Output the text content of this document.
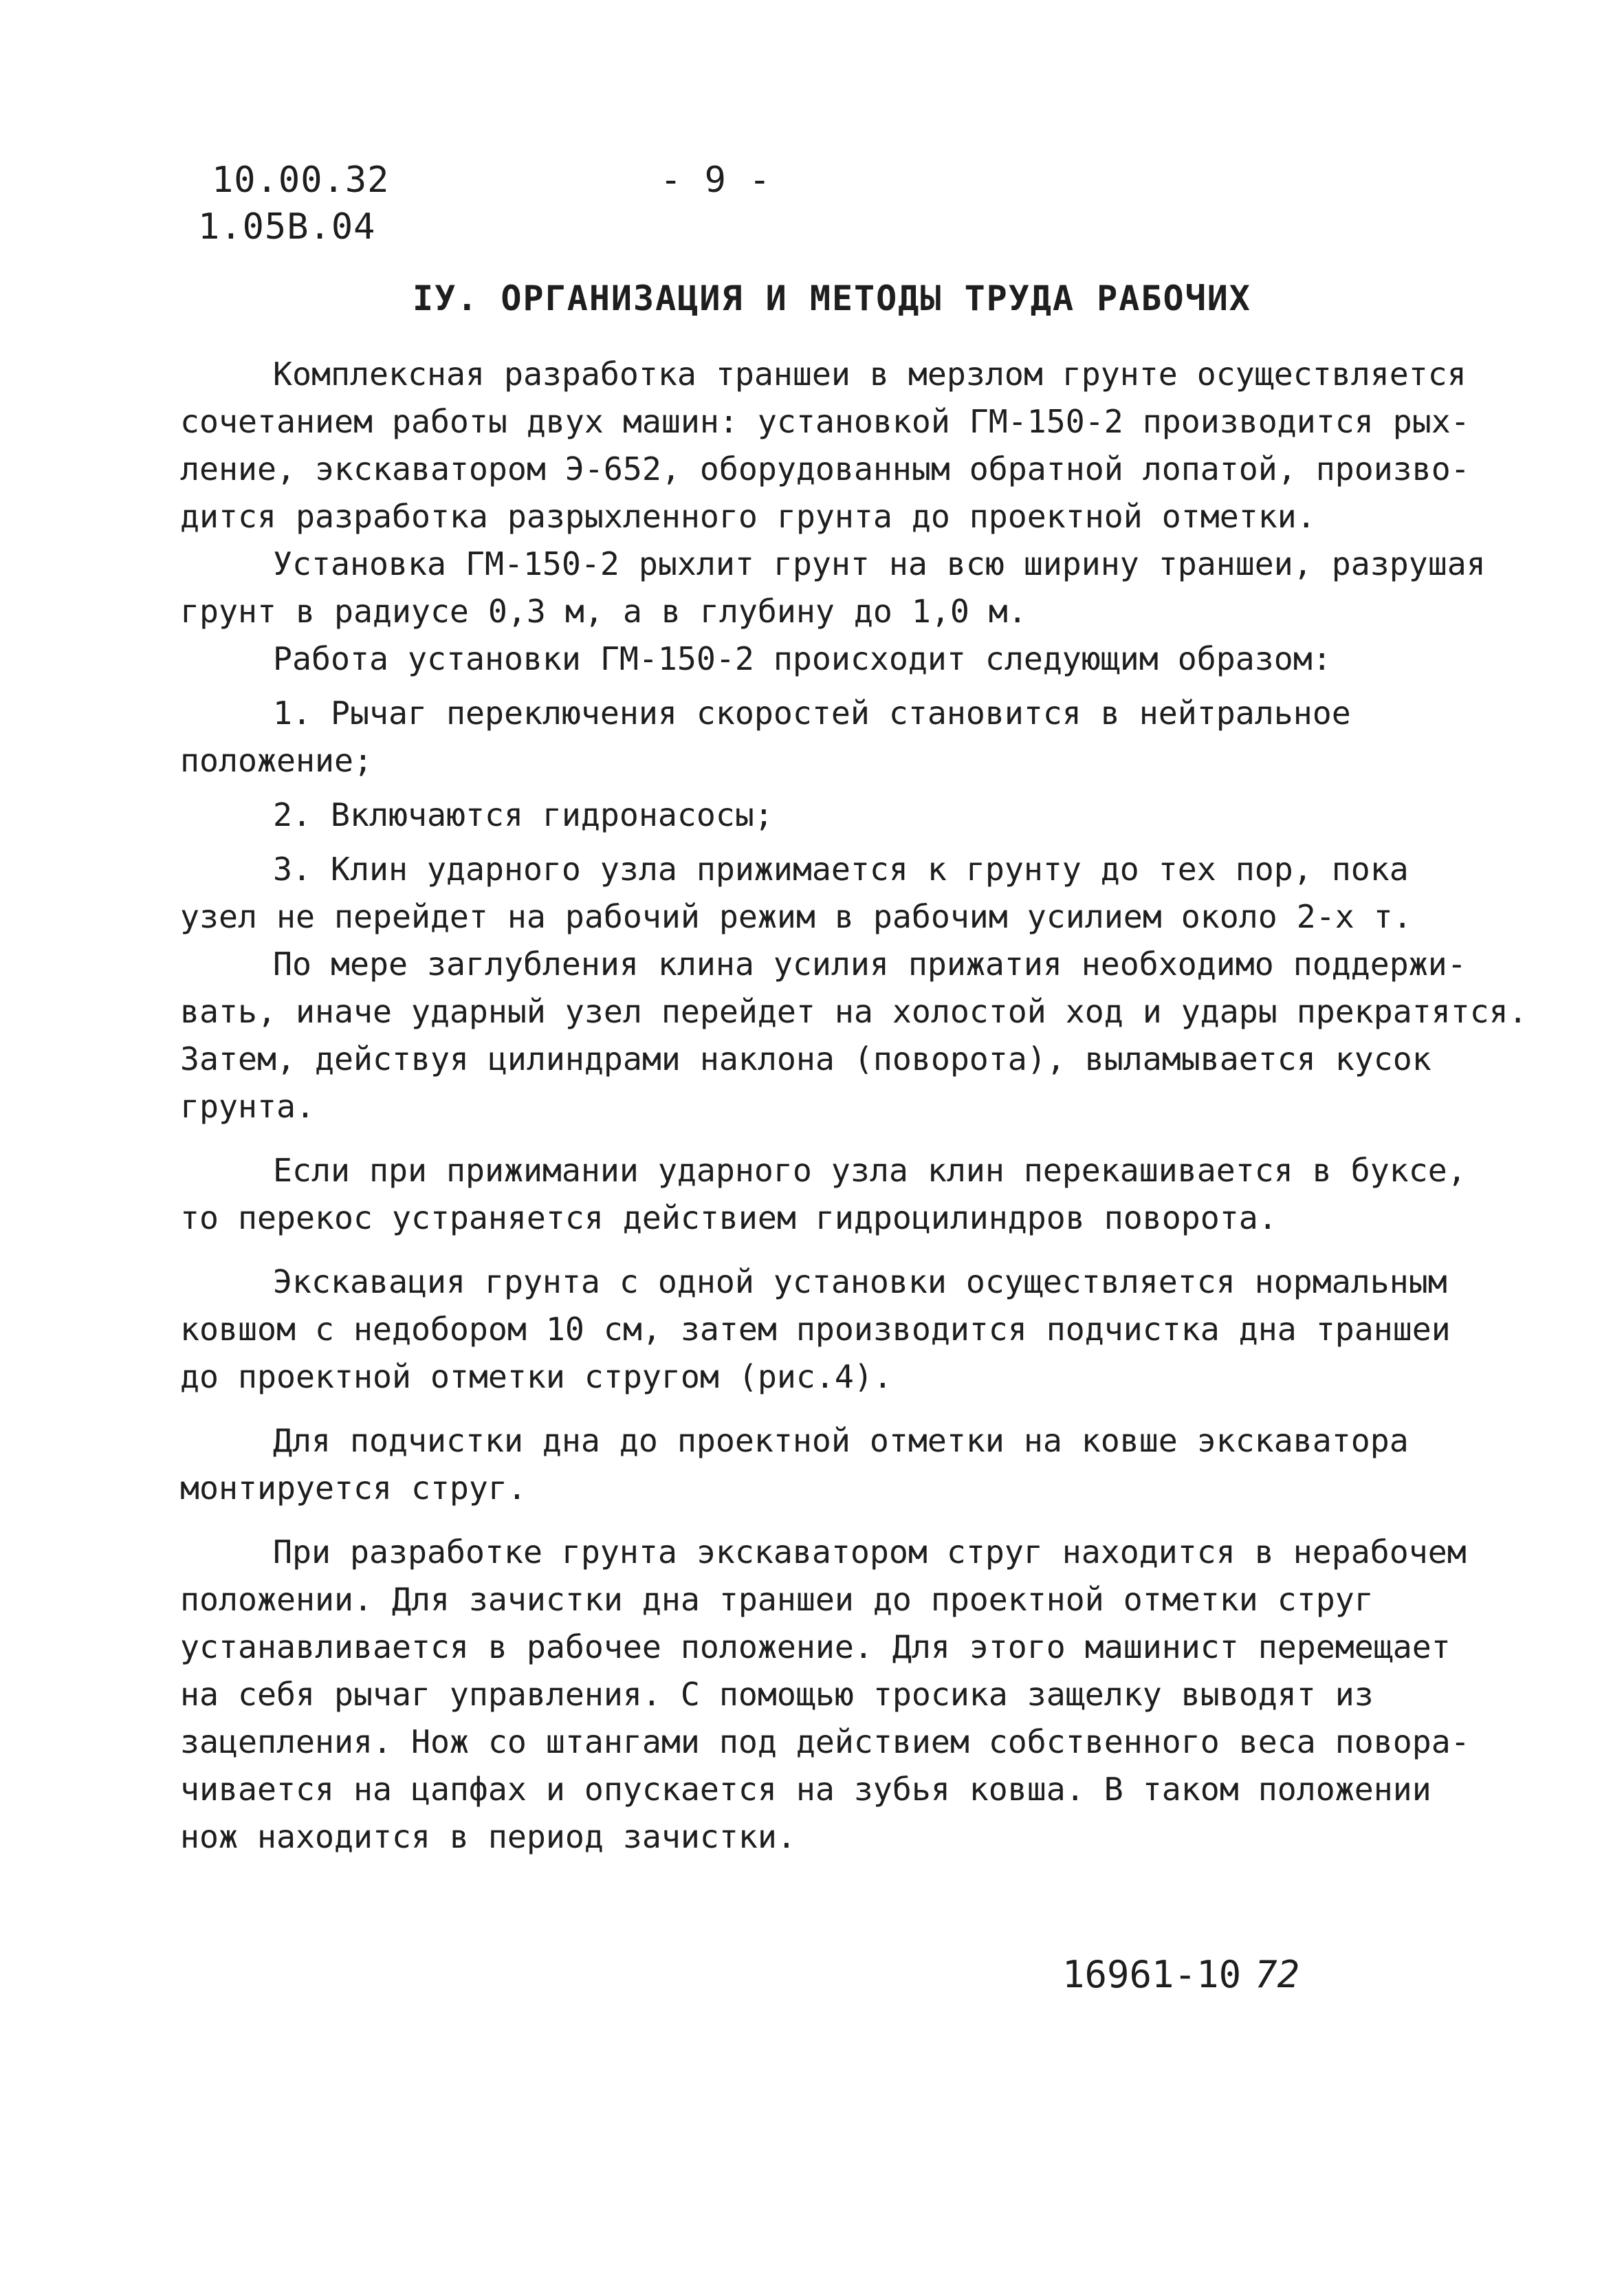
10.00.32
1.05В.04
- 9 -
IУ. ОРГАНИЗАЦИЯ И МЕТОДЫ ТРУДА РАБОЧИХ
Комплексная разработка траншеи в мерзлом грунте осуществляется
сочетанием работы двух машин: установкой ГМ-150-2 производится рых-
ление, экскаватором Э-652, оборудованным обратной лопатой, произво-
дится разработка разрыхленного грунта до проектной отметки.
Установка ГМ-150-2 рыхлит грунт на всю ширину траншеи, разрушая
грунт в радиусе 0,3 м, а в глубину до 1,0 м.
Работа установки ГМ-150-2 происходит следующим образом:
1. Рычаг переключения скоростей становится в нейтральное
положение;
2. Включаются гидронасосы;
3. Клин ударного узла прижимается к грунту до тех пор, пока
узел не перейдет на рабочий режим в рабочим усилием около 2-х т.
По мере заглубления клина усилия прижатия необходимо поддержи-
вать, иначе ударный узел перейдет на холостой ход и удары прекратятся.
Затем, действуя цилиндрами наклона (поворота), выламывается кусок
грунта.
Если при прижимании ударного узла клин перекашивается в буксе,
то перекос устраняется действием гидроцилиндров поворота.
Экскавация грунта с одной установки осуществляется нормальным
ковшом с недобором 10 см, затем производится подчистка дна траншеи
до проектной отметки стругом (рис.4).
Для подчистки дна до проектной отметки на ковше экскаватора
монтируется струг.
При разработке грунта экскаватором струг находится в нерабочем
положении. Для зачистки дна траншеи до проектной отметки струг
устанавливается в рабочее положение. Для этого машинист перемещает
на себя рычаг управления. С помощью тросика защелку выводят из
зацепления. Нож со штангами под действием собственного веса повора-
чивается на цапфах и опускается на зубья ковша. В таком положении
нож находится в период зачистки.
16961-10 72
